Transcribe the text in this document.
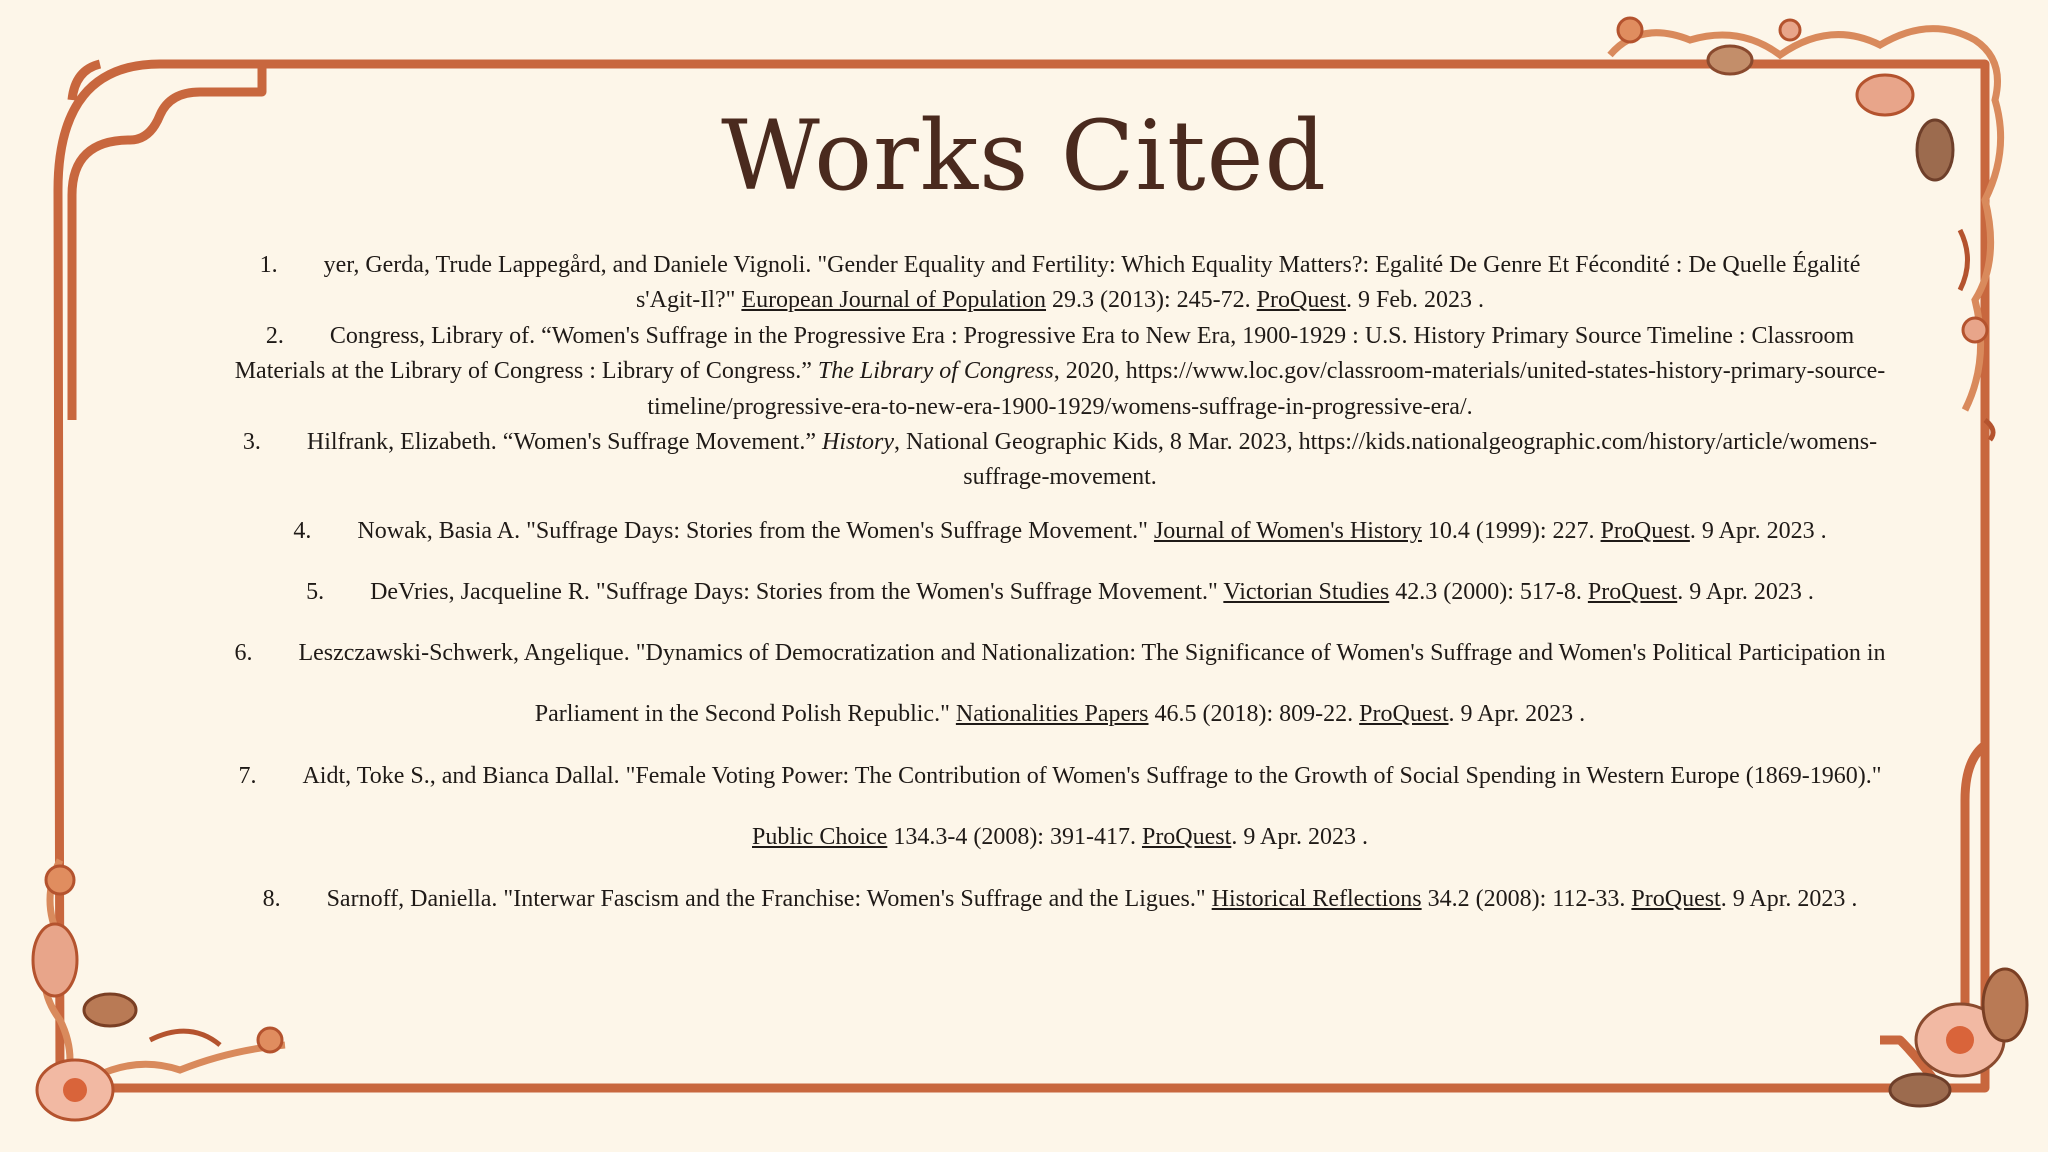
Works Cited
1. yer, Gerda, Trude Lappegård, and Daniele Vignoli. "Gender Equality and Fertility: Which Equality Matters?: Egalité De Genre Et Fécondité : De Quelle Égalité s'Agit-Il?" European Journal of Population 29.3 (2013): 245-72. ProQuest. 9 Feb. 2023 .
2. Congress, Library of. “Women's Suffrage in the Progressive Era : Progressive Era to New Era, 1900-1929 : U.S. History Primary Source Timeline : Classroom Materials at the Library of Congress : Library of Congress.” The Library of Congress, 2020, https://www.loc.gov/classroom-materials/united-states-history-primary-source-timeline/progressive-era-to-new-era-1900-1929/womens-suffrage-in-progressive-era/.
3. Hilfrank, Elizabeth. “Women's Suffrage Movement.” History, National Geographic Kids, 8 Mar. 2023, https://kids.nationalgeographic.com/history/article/womens-suffrage-movement.
4. Nowak, Basia A. "Suffrage Days: Stories from the Women's Suffrage Movement." Journal of Women's History 10.4 (1999): 227. ProQuest. 9 Apr. 2023 .
5. DeVries, Jacqueline R. "Suffrage Days: Stories from the Women's Suffrage Movement." Victorian Studies 42.3 (2000): 517-8. ProQuest. 9 Apr. 2023 .
6. Leszczawski-Schwerk, Angelique. "Dynamics of Democratization and Nationalization: The Significance of Women's Suffrage and Women's Political Participation in Parliament in the Second Polish Republic." Nationalities Papers 46.5 (2018): 809-22. ProQuest. 9 Apr. 2023 .
7. Aidt, Toke S., and Bianca Dallal. "Female Voting Power: The Contribution of Women's Suffrage to the Growth of Social Spending in Western Europe (1869-1960)." Public Choice 134.3-4 (2008): 391-417. ProQuest. 9 Apr. 2023 .
8. Sarnoff, Daniella. "Interwar Fascism and the Franchise: Women's Suffrage and the Ligues." Historical Reflections 34.2 (2008): 112-33. ProQuest. 9 Apr. 2023 .
